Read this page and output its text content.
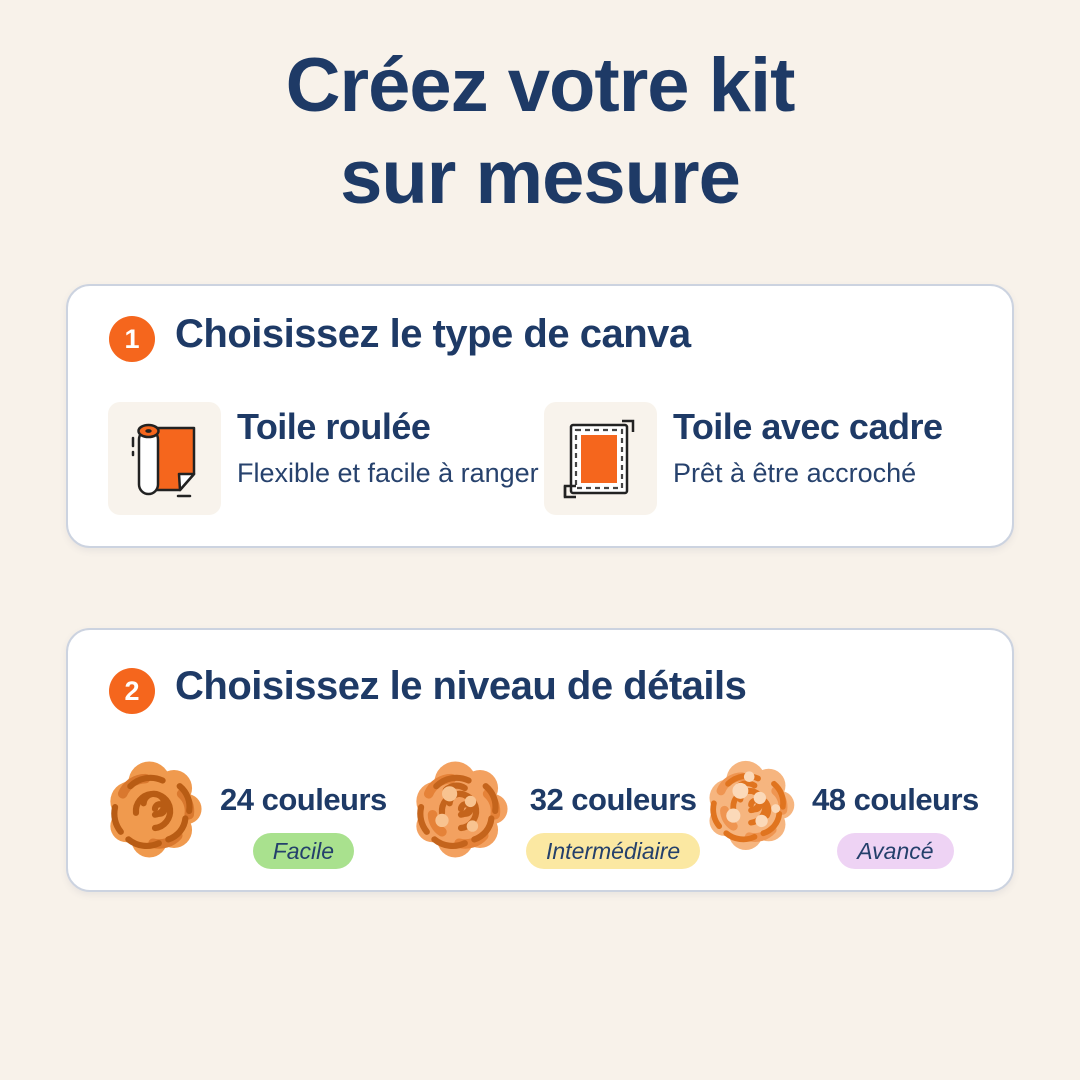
Créez votre kit
sur mesure
1 Choisissez le type de canva
Toile roulée
Flexible et facile à ranger
Toile avec cadre
Prêt à être accroché
2 Choisissez le niveau de détails
24 couleurs
Facile
32 couleurs
Intermédiaire
48 couleurs
Avancé
